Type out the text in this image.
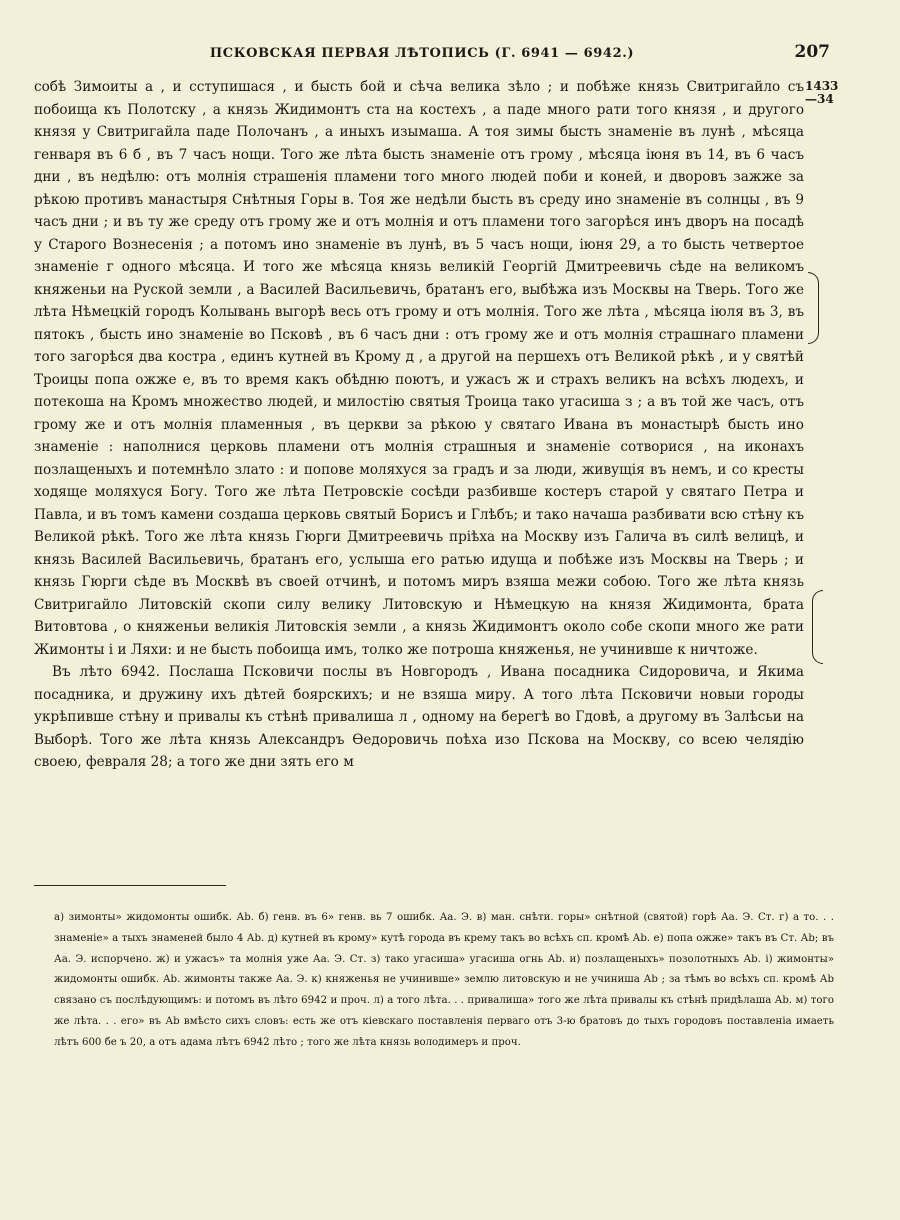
ПСКОВСКАЯ ПЕРВАЯ ЛѢТОПИСЬ (Г. 6941 — 6942.)	207
1433
—34

собѣ Зимоиты а , и сступишася , и бысть бой и сѣча велика зѣло ; и побѣже князь Свитригайло съ побоища къ Полотску , а князь Жидимонтъ ста на костехъ , а паде много рати того князя , и другого князя у Свитригайла паде Полочанъ , а иныхъ изымаша. А тоя зимы бысть знаменіе въ лунѣ , мѣсяца генваря въ 6 б , въ 7 часъ нощи. Того же лѣта бысть знаменіе отъ грому , мѣсяца іюня въ 14, въ 6 часъ дни , въ недѣлю: отъ молнія страшенія пламени того много людей поби и коней, и дворовъ зажже за рѣкою противъ манастыря Снѣтныя Горы в. Тоя же недѣли бысть въ среду ино знаменіе въ солнцы , въ 9 часъ дни ; и въ ту же среду отъ грому же и отъ молнія и отъ пламени того загорѣся инъ дворъ на посадѣ у Старого Вознесенія ; а потомъ ино знаменіе въ лунѣ, въ 5 часъ нощи, іюня 29, а то бысть четвертое знаменіе г одного мѣсяца. И того же мѣсяца князь великій Георгій Дмитреевичь сѣде на великомъ княженьи на Руской земли , а Василей Васильевичь, братанъ его, выбѣжа изъ Москвы на Тверь. Того же лѣта Нѣмецкій городъ Колывань выгорѣ весь отъ грому и отъ молнія. Того же лѣта , мѣсяца іюля въ 3, въ пятокъ , бысть ино знаменіе во Псковѣ , въ 6 часъ дни : отъ грому же и отъ молнія страшнаго пламени того загорѣся два костра , единъ кутней въ Крому д , а другой на першехъ отъ Великой рѣкѣ , и у святѣй Троицы попа ожже е, въ то время какъ обѣдню поютъ, и ужасъ ж и страхъ великъ на всѣхъ людехъ, и потекоша на Кромъ множество людей, и милостію святыя Троица тако угасиша з ; а въ той же часъ, отъ грому же и отъ молнія пламенныя , въ церкви за рѣкою у святаго Ивана въ монастырѣ бысть ино знаменіе : наполнися церковь пламени отъ молнія страшныя и знаменіе сотворися , на иконахъ позлащеныхъ и потемнѣло злато : и попове моляхуся за градъ и за люди, живущія въ немъ, и со кресты ходяще моляхуся Богу. Того же лѣта Петровскіе сосѣди разбивше костеръ старой у святаго Петра и Павла, и въ томъ камени создаша церковь святый Борисъ и Глѣбъ; и тако начаша разбивати всю стѣну къ Великой рѣкѣ. Того же лѣта князь Гюрги Дмитреевичь пріѣха на Москву изъ Галича въ силѣ велицѣ, и князь Василей Васильевичь, братанъ его, услыша его ратью идуща и побѣже изъ Москвы на Тверь ; и князь Гюрги сѣде въ Москвѣ въ своей отчинѣ, и потомъ миръ взяша межи собою. Того же лѣта князь Свитригайло Литовскій скопи силу велику Литовскую и Нѣмецкую на князя Жидимонта, брата Витовтова , о княженьи великія Литовскія земли , а князь Жидимонтъ около собе скопи много же рати Жимонты і и Ляхи: и не бысть побоища имъ, толко же потроша княженья, не учинивше к ничтоже.

Въ лѣто 6942. Послаша Псковичи послы въ Новгородъ , Ивана посадника Сидоровича, и Якима посадника, и дружину ихъ дѣтей боярскихъ; и не взяша миру. А того лѣта Псковичи новыи городы укрѣпивше стѣну и привалы къ стѣнѣ привалиша л , одному на берегѣ во Гдовѣ, а другому въ Залѣсьи на Выборѣ. Того же лѣта князь Александръ Ѳедоровичь поѣха изо Пскова на Москву, со всею челядію своею, февраля 28; а того же дни зять его м

а) зимонты» жидомонты ошибк. Аb. б) генв. въ 6» генв. вь 7 ошибк. Аа. Э. в) ман. снѣти. горы» снѣтной (святой) горѣ Аа. Э. Ст. г) а то. . . знаменіе» а тыхъ знаменей было 4 Аb. д) кутней въ крому» кутѣ города въ крему такъ во всѣхъ сп. кромѣ Аb. е) попа ожже» такъ въ Ст. Аb; въ Аа. Э. испорчено. ж) и ужасъ» та молнія уже Аа. Э. Ст. з) тако угасиша» угасиша огнь Аb. и) позлащеныхъ» позолотныхъ Аb. і) жимонты» жидомонты ошибк. Аb. жимонты также Аа. Э. к) княженья не учинивше» землю литовскую и не учиниша Аb ; за тѣмъ во всѣхъ сп. кромѣ Аb связано съ послѣдующимъ: и потомъ въ лѣто 6942 и проч. л) а того лѣта. . . привалиша» того же лѣта привалы къ стѣнѣ придѣлаша Аb. м) того же лѣта. . . его» въ Аb вмѣсто сихъ словъ: есть же отъ кіевскаго поставленія перваго отъ 3-ю братовъ до тыхъ городовъ поставленіа имаеть лѣтъ 600 бе ъ 20, а отъ адама лѣтъ 6942 лѣто ; того же лѣта князь володимеръ и проч.
